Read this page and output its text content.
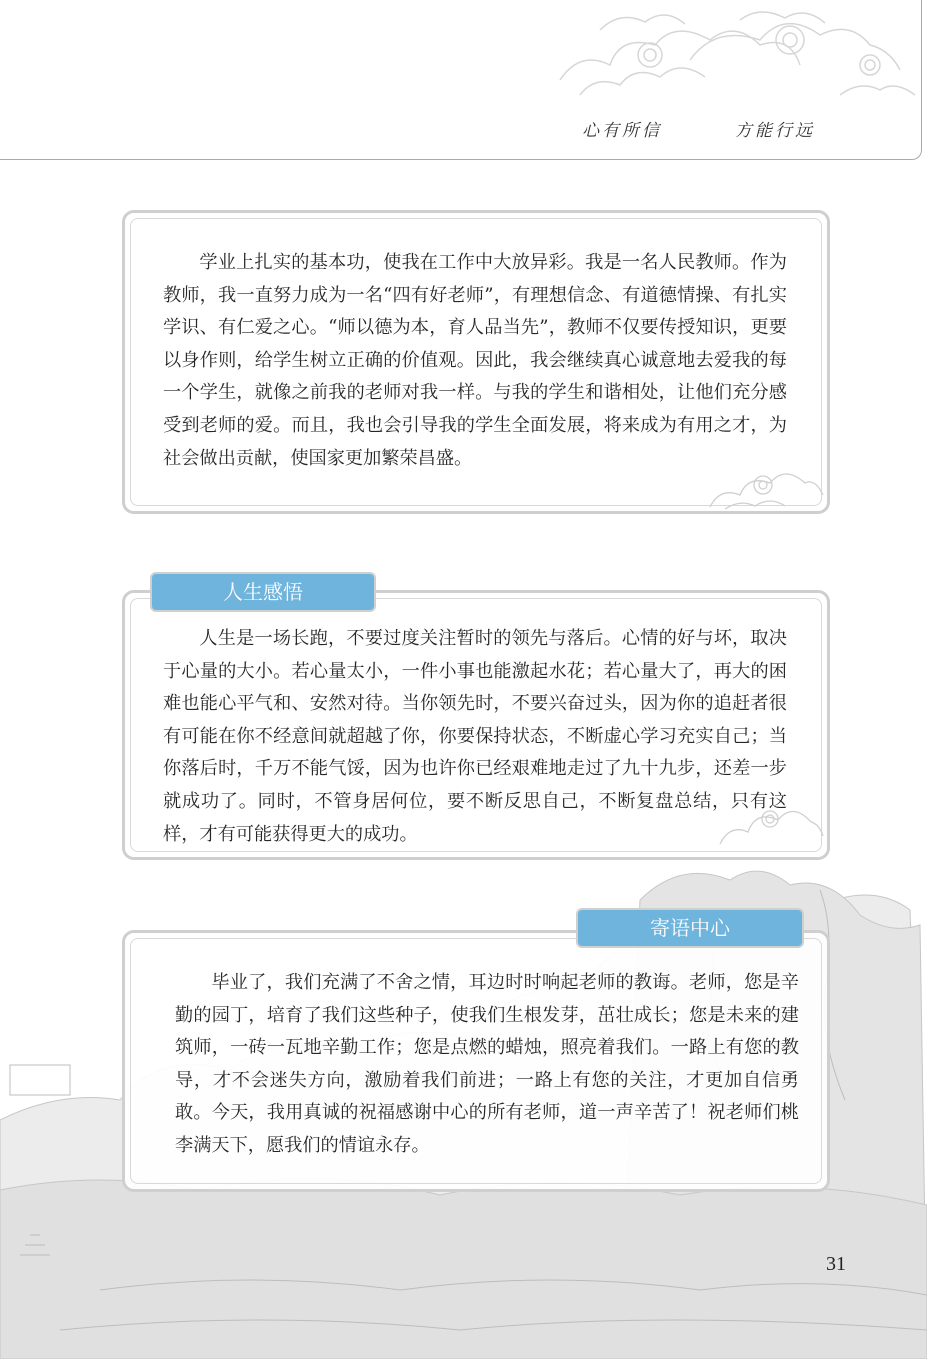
心有所信	方能行远
学业上扎实的基本功，使我在工作中大放异彩。我是一名人民教师。作为教师，我一直努力成为一名“四有好老师”，有理想信念、有道德情操、有扎实学识、有仁爱之心。“师以德为本，育人品当先”，教师不仅要传授知识，更要以身作则，给学生树立正确的价值观。因此，我会继续真心诚意地去爱我的每一个学生，就像之前我的老师对我一样。与我的学生和谐相处，让他们充分感受到老师的爱。而且，我也会引导我的学生全面发展，将来成为有用之才，为社会做出贡献，使国家更加繁荣昌盛。
人生是一场长跑，不要过度关注暂时的领先与落后。心情的好与坏，取决于心量的大小。若心量太小，一件小事也能激起水花；若心量大了，再大的困难也能心平气和、安然对待。当你领先时，不要兴奋过头，因为你的追赶者很有可能在你不经意间就超越了你，你要保持状态，不断虚心学习充实自己；当你落后时，千万不能气馁，因为也许你已经艰难地走过了九十九步，还差一步就成功了。同时，不管身居何位，要不断反思自己，不断复盘总结，只有这样，才有可能获得更大的成功。
人生感悟
毕业了，我们充满了不舍之情，耳边时时响起老师的教诲。老师，您是辛勤的园丁，培育了我们这些种子，使我们生根发芽，茁壮成长；您是未来的建筑师，一砖一瓦地辛勤工作；您是点燃的蜡烛，照亮着我们。一路上有您的教导，才不会迷失方向，激励着我们前进；一路上有您的关注，才更加自信勇敢。今天，我用真诚的祝福感谢中心的所有老师，道一声辛苦了！祝老师们桃李满天下，愿我们的情谊永存。
寄语中心
31
